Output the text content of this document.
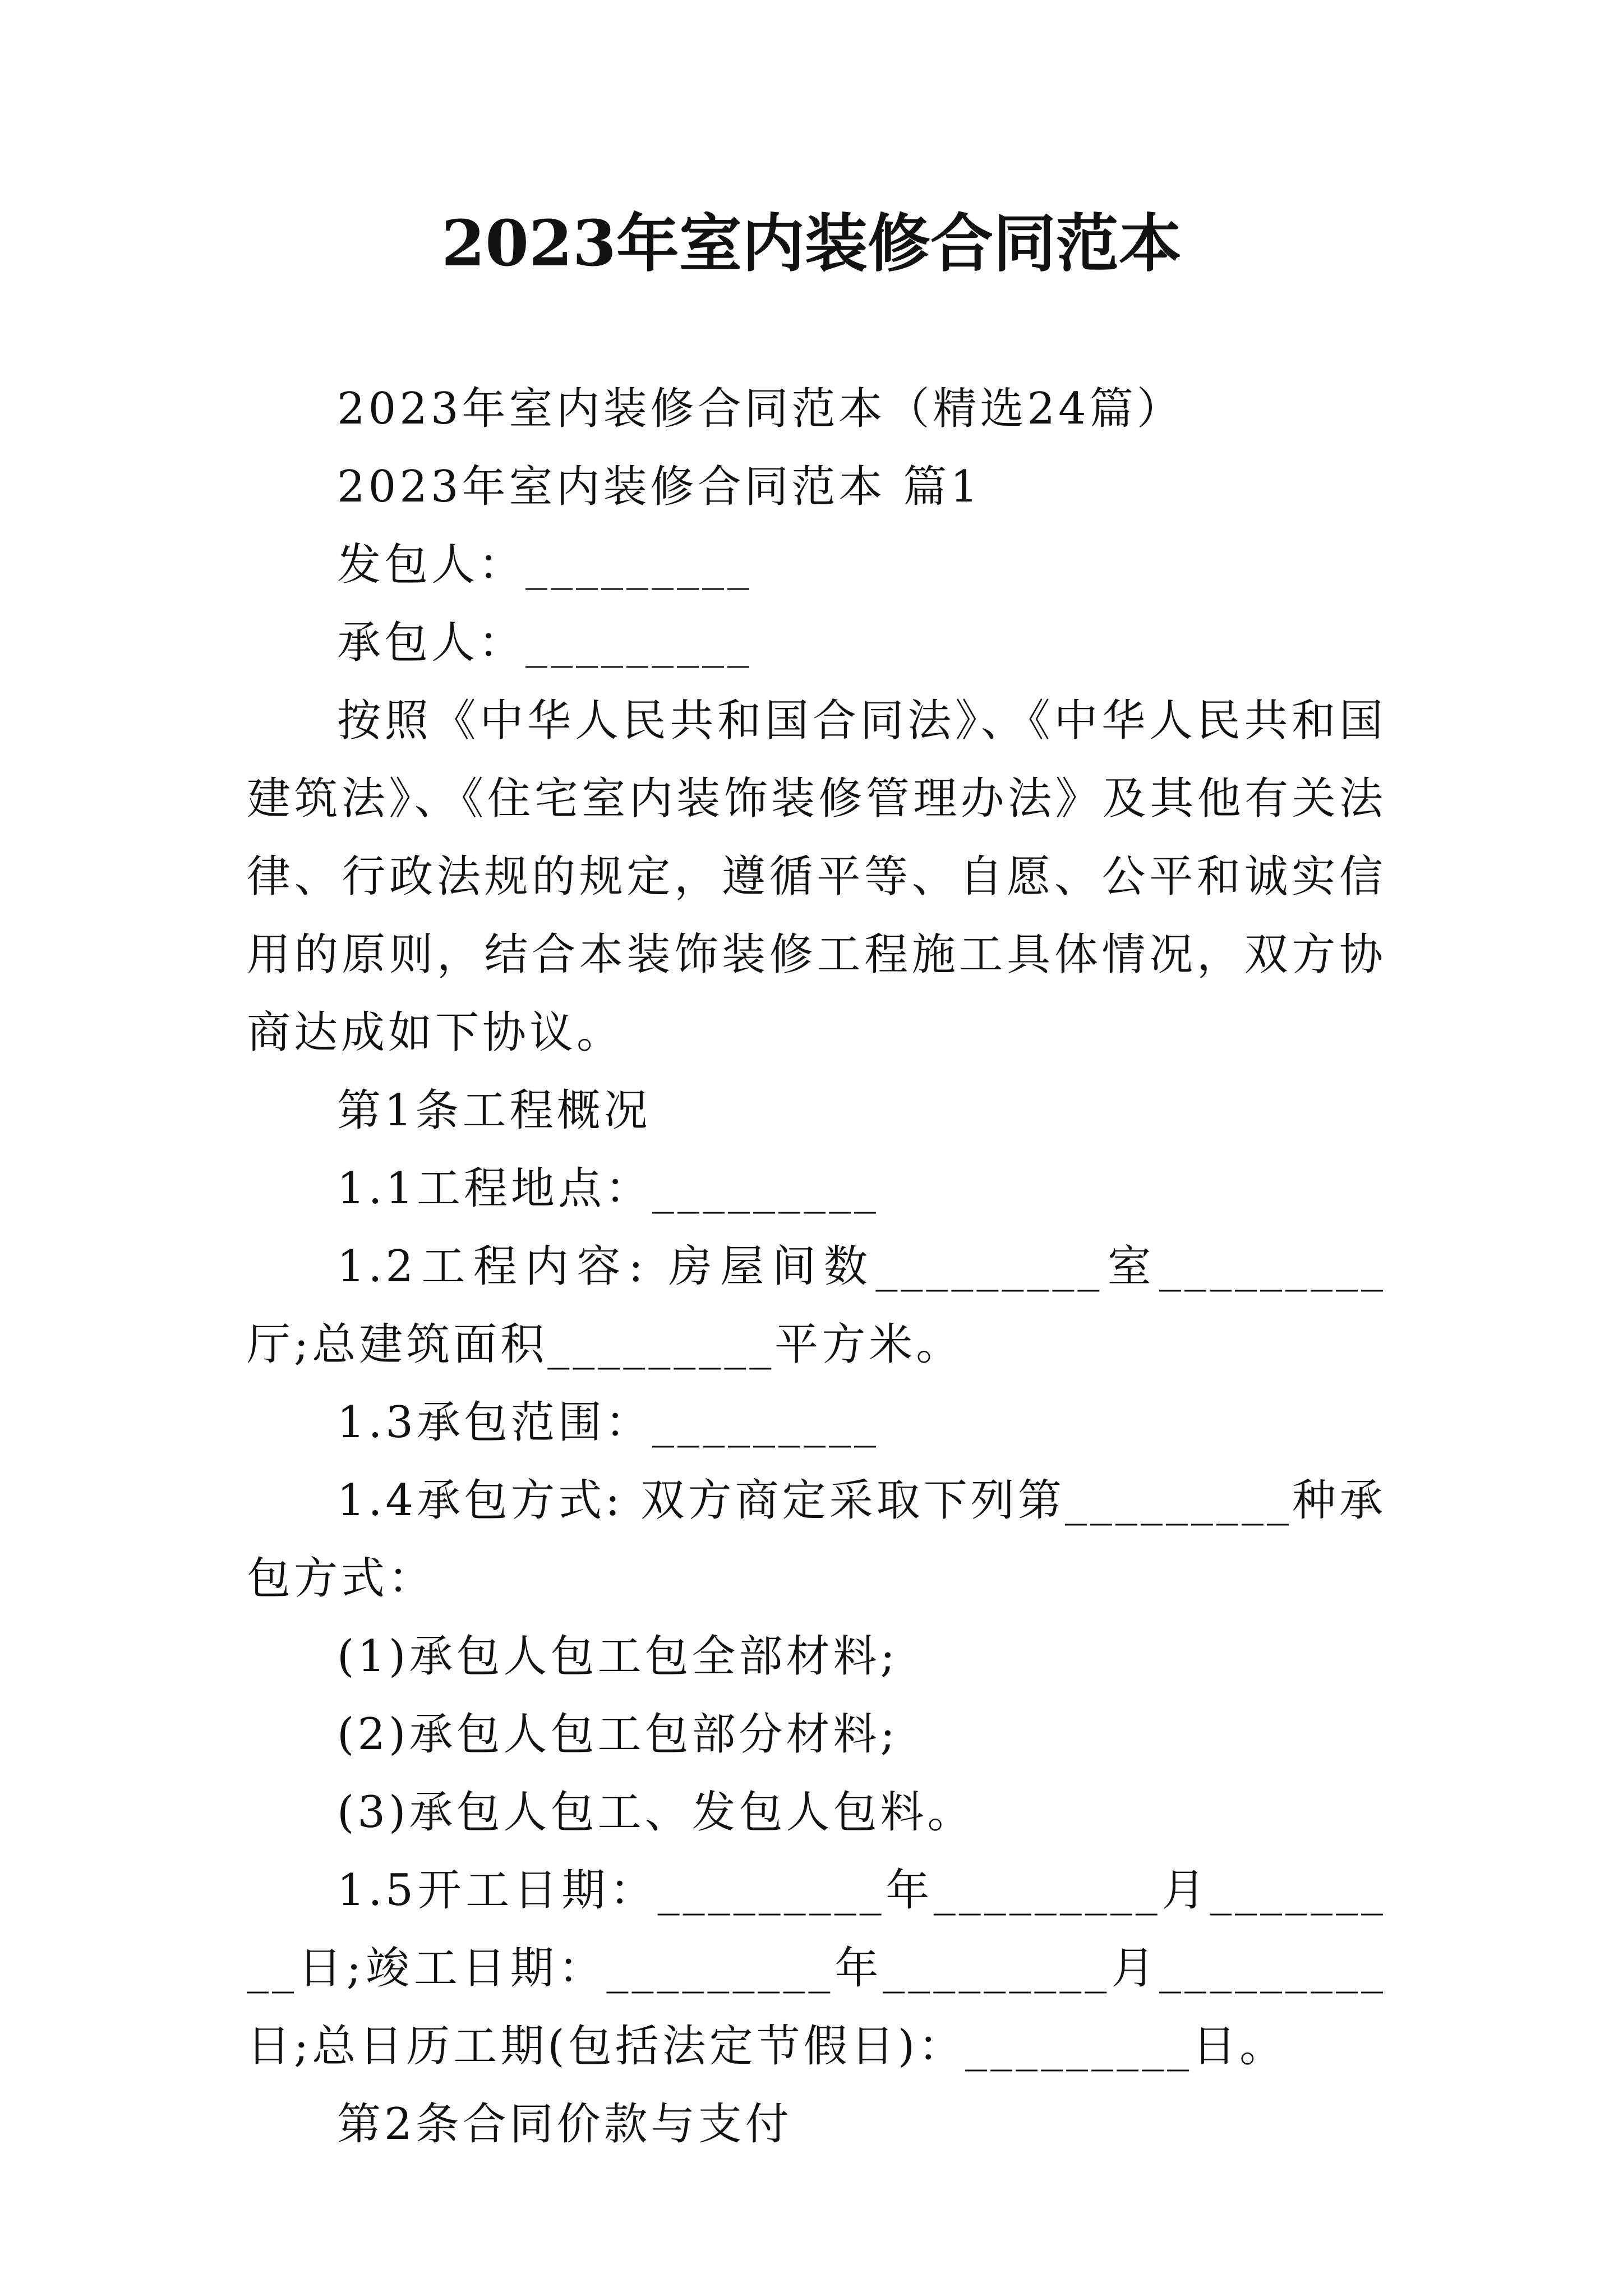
2023年室内装修合同范本

2023年室内装修合同范本（精选24篇）

2023年室内装修合同范本 篇1

发包人：_________

承包人：_________

按照《中华人民共和国合同法》、《中华人民共和国建筑法》、《住宅室内装饰装修管理办法》及其他有关法律、行政法规的规定，遵循平等、自愿、公平和诚实信用的原则，结合本装饰装修工程施工具体情况，双方协商达成如下协议。

第1条工程概况

1.1工程地点：_________

1.2工程内容: 房屋间数_________室_________厅;总建筑面积_________平方米。

1.3承包范围：_________

1.4承包方式: 双方商定采取下列第_________种承包方式：

(1)承包人包工包全部材料;

(2)承包人包工包部分材料;

(3)承包人包工、发包人包料。

1.5开工日期：_________年_________月_________日;竣工日期：_________年_________月_________日;总日历工期(包括法定节假日)：_________日。

第2条合同价款与支付
